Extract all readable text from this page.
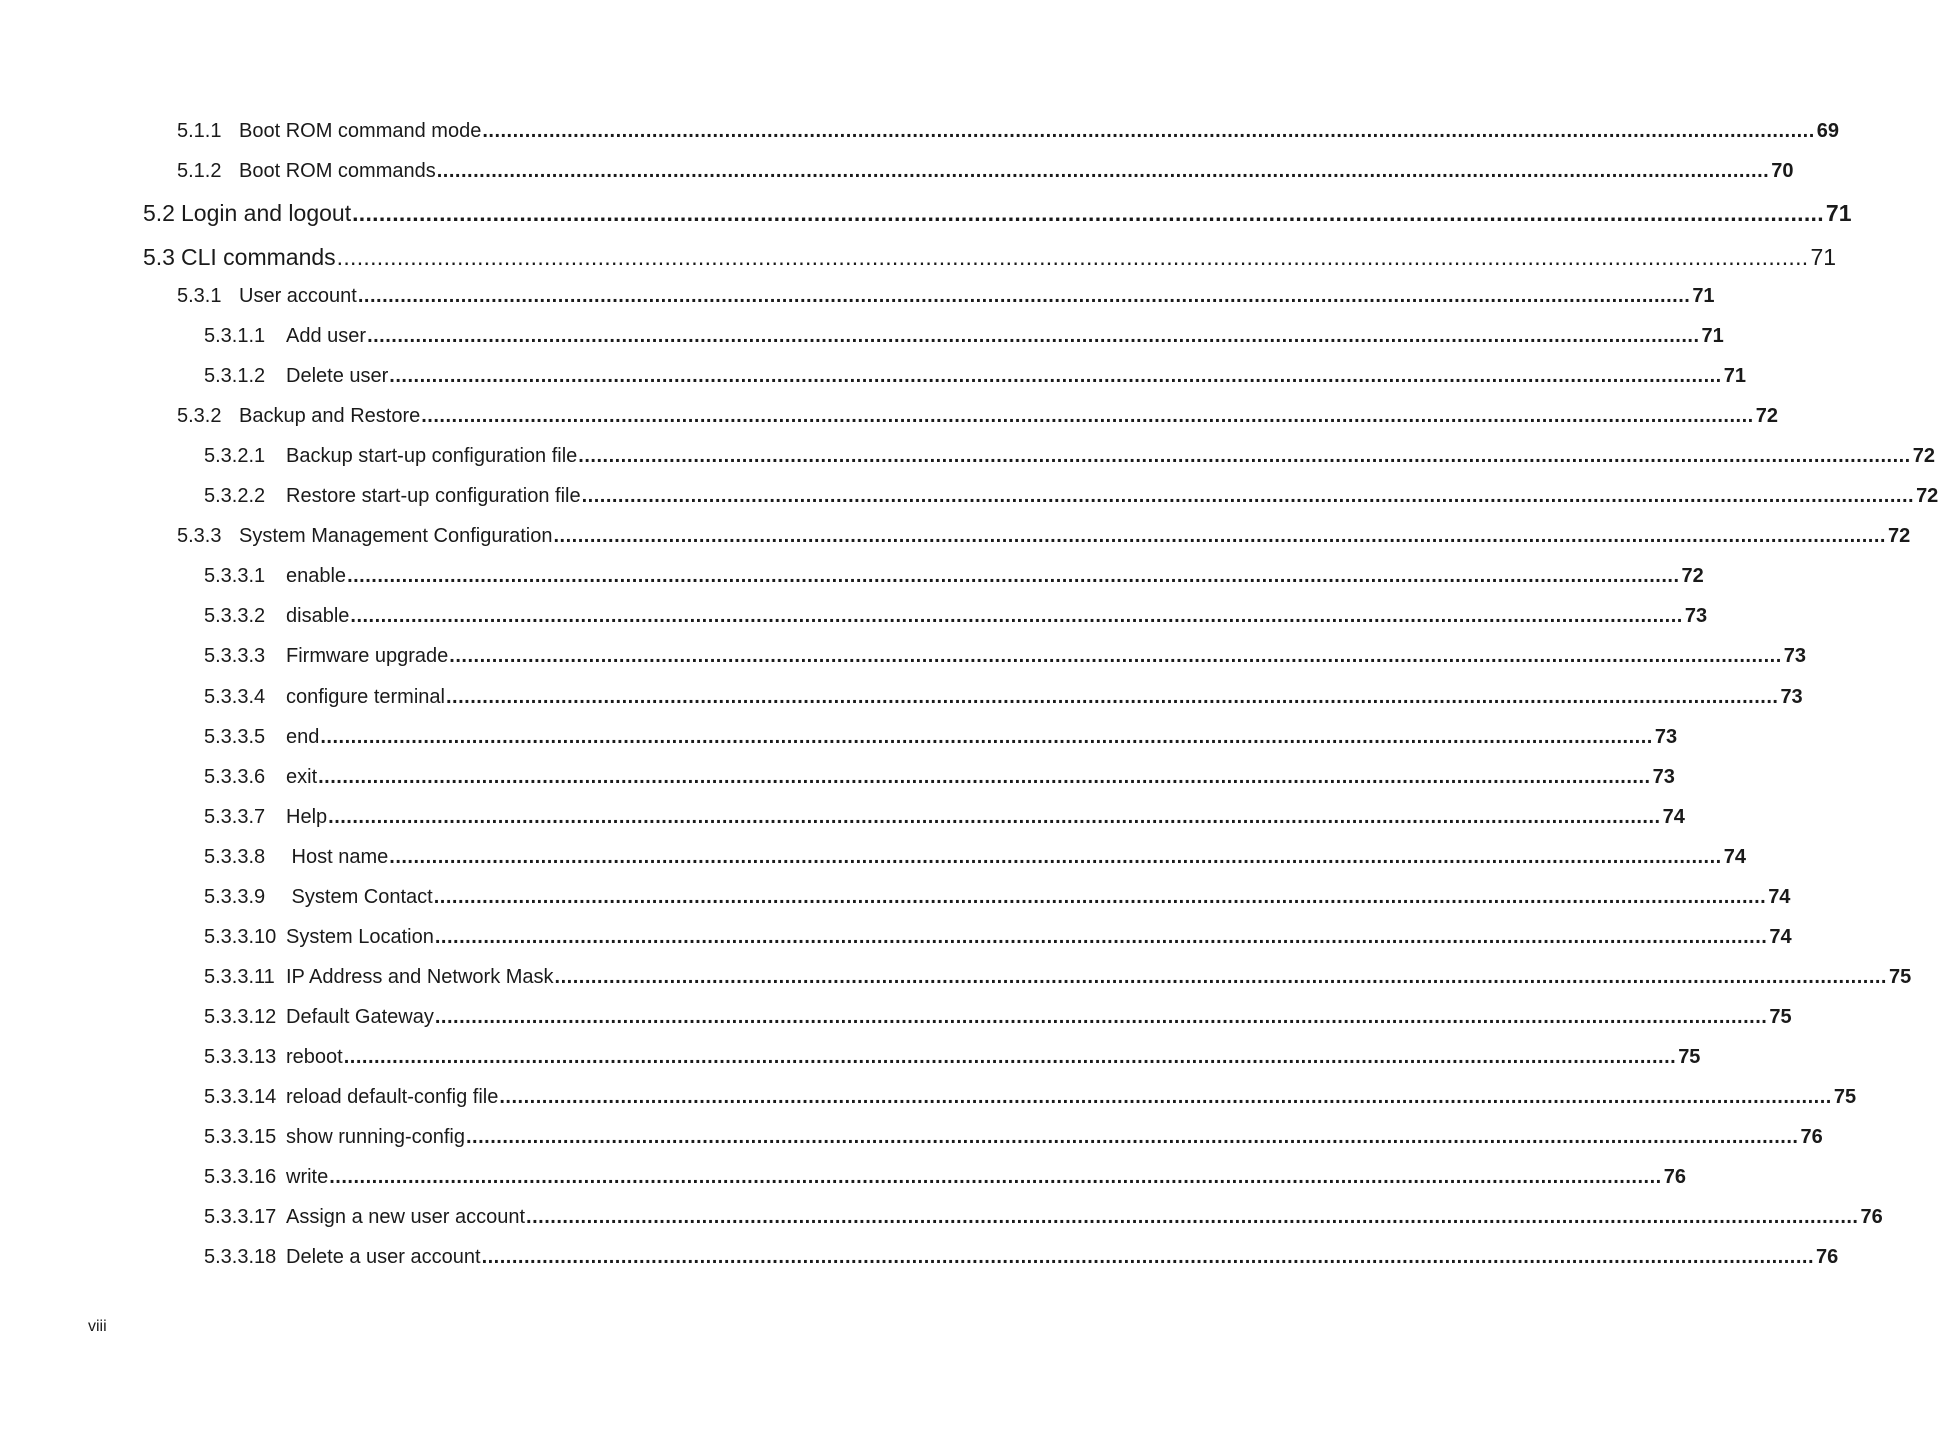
5.1.1 Boot ROM command mode ............................................................................................................................................................................................................................ 69
5.1.2 Boot ROM commands ............................................................................................................................................................................................................................ 70
5.2 Login and logout ............................................................................................................................................................................................................................ 71
5.3 CLI commands ............................................................................................................................................................................................................................ 71
5.3.1 User account ............................................................................................................................................................................................................................ 71
5.3.1.1	Add user ............................................................................................................................................................................................................................ 71
5.3.1.2	Delete user ............................................................................................................................................................................................................................ 71
5.3.2 Backup and Restore ............................................................................................................................................................................................................................ 72
5.3.2.1	Backup start-up configuration file ............................................................................................................................................................................................................................ 72
5.3.2.2	Restore start-up configuration file ............................................................................................................................................................................................................................ 72
5.3.3 System Management Configuration ............................................................................................................................................................................................................................ 72
5.3.3.1	enable ............................................................................................................................................................................................................................ 72
5.3.3.2	disable ............................................................................................................................................................................................................................ 73
5.3.3.3	Firmware upgrade ............................................................................................................................................................................................................................ 73
5.3.3.4	configure terminal ............................................................................................................................................................................................................................ 73
5.3.3.5	end ............................................................................................................................................................................................................................ 73
5.3.3.6	exit ............................................................................................................................................................................................................................ 73
5.3.3.7	Help ............................................................................................................................................................................................................................ 74
5.3.3.8	Host name ............................................................................................................................................................................................................................ 74
5.3.3.9	System Contact ............................................................................................................................................................................................................................ 74
5.3.3.10 System Location ............................................................................................................................................................................................................................ 74
5.3.3.11 IP Address and Network Mask ............................................................................................................................................................................................................................ 75
5.3.3.12 Default Gateway ............................................................................................................................................................................................................................ 75
5.3.3.13 reboot ............................................................................................................................................................................................................................ 75
5.3.3.14 reload default-config file ............................................................................................................................................................................................................................ 75
5.3.3.15 show running-config ............................................................................................................................................................................................................................ 76
5.3.3.16 write ............................................................................................................................................................................................................................ 76
5.3.3.17 Assign a new user account ............................................................................................................................................................................................................................ 76
5.3.3.18 Delete a user account ............................................................................................................................................................................................................................ 76
viii
